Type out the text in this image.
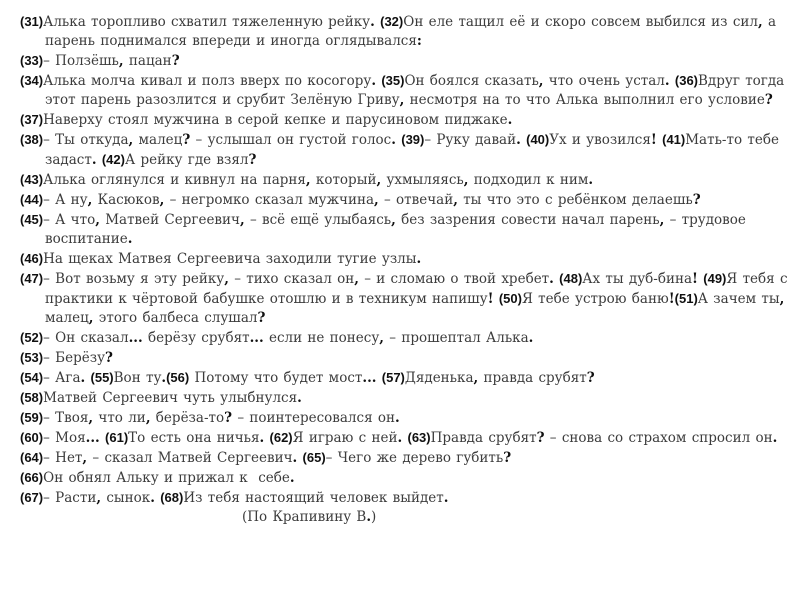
(31)Алька торопливо схватил тяжеленную рейку. (32)Он еле тащил её и скоро совсем выбился из сил, а парень поднимался впереди и иногда оглядывался:

(33)– Ползёшь, пацан?

(34)Алька молча кивал и полз вверх по косогору. (35)Он боялся сказать, что очень устал. (36)Вдруг тогда этот парень разозлится и срубит Зелёную Гриву, несмотря на то что Алька выполнил его условие?

(37)Наверху стоял мужчина в серой кепке и парусиновом пиджаке.

(38)– Ты откуда, малец? – услышал он густой голос. (39)– Руку давай. (40)Ух и увозился! (41)Мать-то тебе задаст. (42)А рейку где взял?

(43)Алька оглянулся и кивнул на парня, который, ухмыляясь, подходил к ним.

(44)– А ну, Касюков, – негромко сказал мужчина, – отвечай, ты что это с ребёнком делаешь?

(45)– А что, Матвей Сергеевич, – всё ещё улыбаясь, без зазрения совести начал парень, – трудовое воспитание.

(46)На щеках Матвея Сергеевича заходили тугие узлы.

(47)– Вот возьму я эту рейку, – тихо сказал он, – и сломаю о твой хребет. (48)Ах ты дуб-бина! (49)Я тебя с практики к чёртовой бабушке отошлю и в техникум напишу! (50)Я тебе устрою баню!(51)А зачем ты, малец, этого балбеса слушал?

(52)– Он сказал... берёзу срубят... если не понесу, – прошептал Алька.

(53)– Берёзу?

(54)– Ага. (55)Вон ту.(56) Потому что будет мост... (57)Дяденька, правда срубят?

(58)Матвей Сергеевич чуть улыбнулся.

(59)– Твоя, что ли, берёза-то? – поинтересовался он.

(60)– Моя... (61)То есть она ничья. (62)Я играю с ней. (63)Правда срубят? – снова со страхом спросил он.

(64)– Нет, – сказал Матвей Сергеевич. (65)– Чего же дерево губить?

(66)Он обнял Альку и прижал к  себе.

(67)– Расти, сынок. (68)Из тебя настоящий человек выйдет.

(По Крапивину В.)
